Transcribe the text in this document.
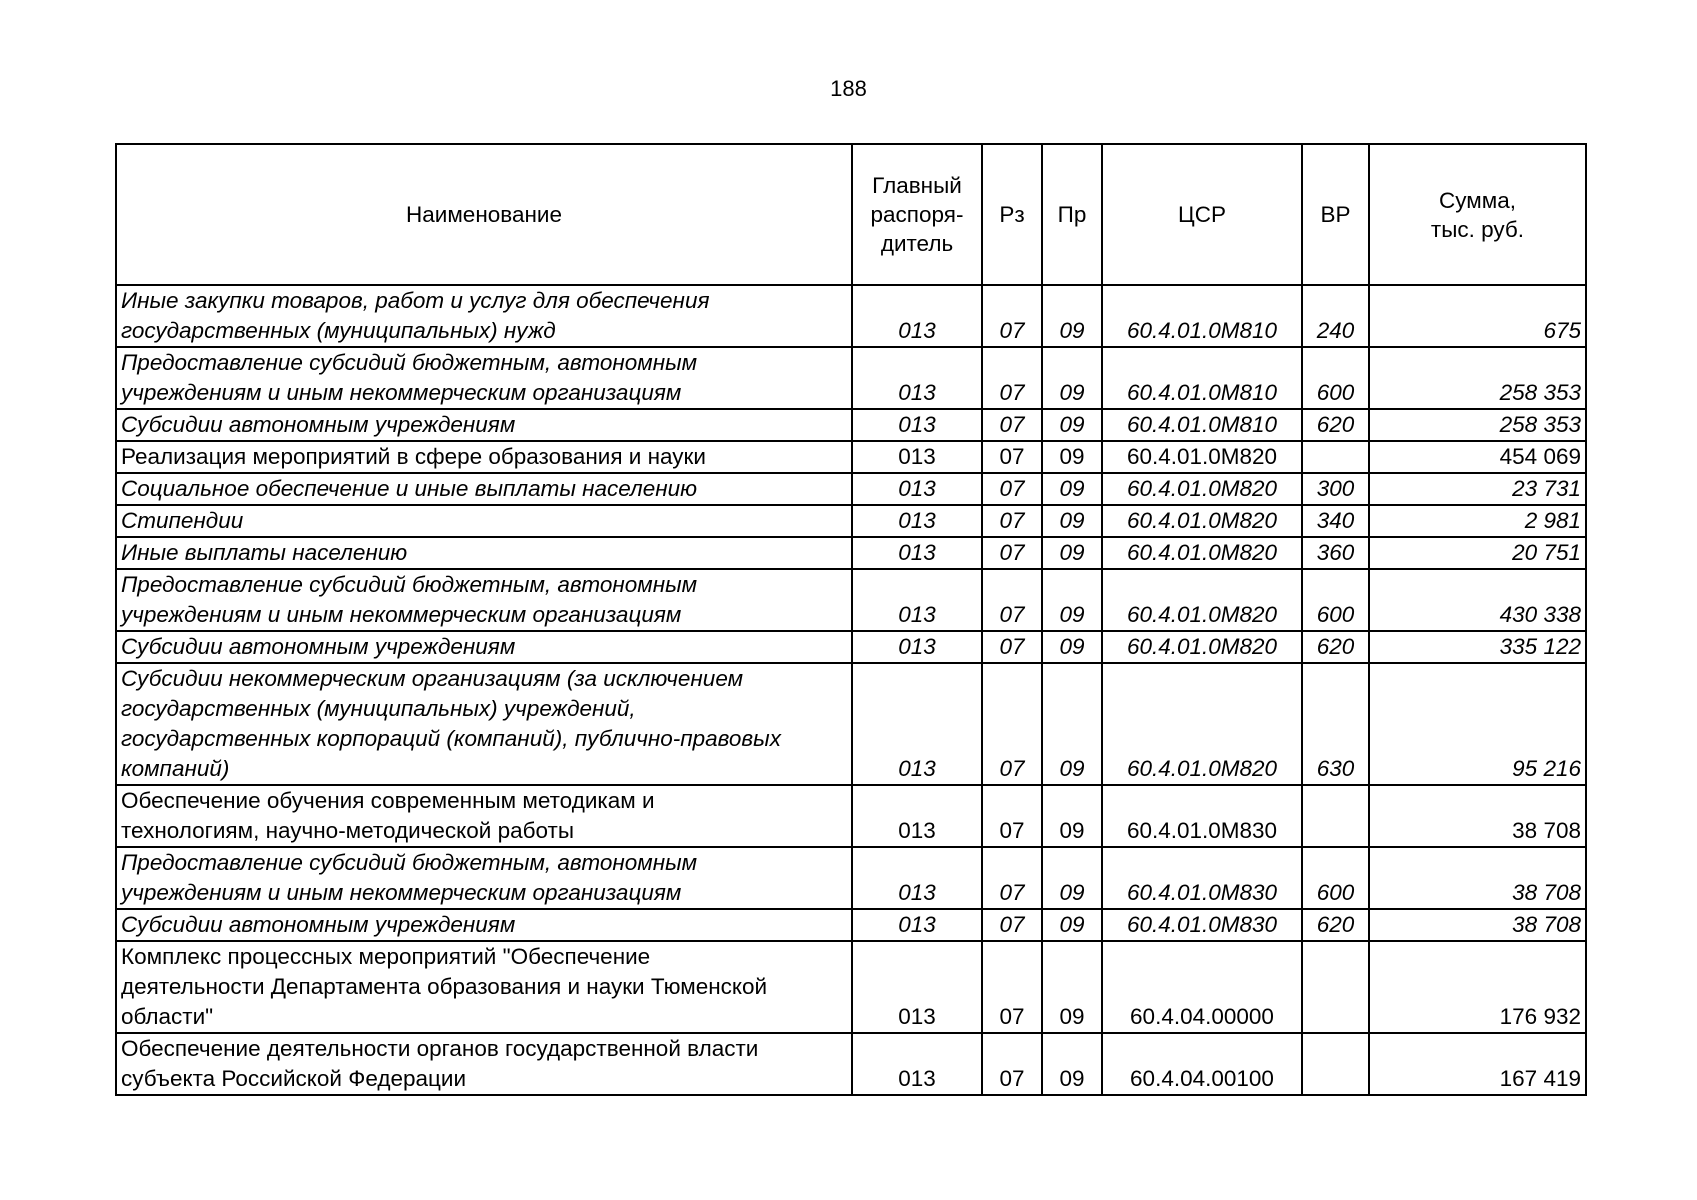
188
Наименование	Главный
распоря-
дитель	Рз	Пр	ЦСР	ВР	Сумма,
тыс. руб.
Иные закупки товаров, работ и услуг для обеспечения
государственных (муниципальных) нужд	013	07	09	60.4.01.0М810	240	675
Предоставление субсидий бюджетным, автономным
учреждениям и иным некоммерческим организациям	013	07	09	60.4.01.0М810	600	258 353
Субсидии автономным учреждениям	013	07	09	60.4.01.0М810	620	258 353
Реализация мероприятий в сфере образования и науки	013	07	09	60.4.01.0М820		454 069
Социальное обеспечение и иные выплаты населению	013	07	09	60.4.01.0М820	300	23 731
Стипендии	013	07	09	60.4.01.0М820	340	2 981
Иные выплаты населению	013	07	09	60.4.01.0М820	360	20 751
Предоставление субсидий бюджетным, автономным
учреждениям и иным некоммерческим организациям	013	07	09	60.4.01.0М820	600	430 338
Субсидии автономным учреждениям	013	07	09	60.4.01.0М820	620	335 122
Субсидии некоммерческим организациям (за исключением
государственных (муниципальных) учреждений,
государственных корпораций (компаний), публично-правовых
компаний)	013	07	09	60.4.01.0М820	630	95 216
Обеспечение обучения современным методикам и
технологиям, научно-методической работы	013	07	09	60.4.01.0М830		38 708
Предоставление субсидий бюджетным, автономным
учреждениям и иным некоммерческим организациям	013	07	09	60.4.01.0М830	600	38 708
Субсидии автономным учреждениям	013	07	09	60.4.01.0М830	620	38 708
Комплекс процессных мероприятий "Обеспечение
деятельности Департамента образования и науки Тюменской
области"	013	07	09	60.4.04.00000		176 932
Обеспечение деятельности органов государственной власти
субъекта Российской Федерации	013	07	09	60.4.04.00100		167 419
